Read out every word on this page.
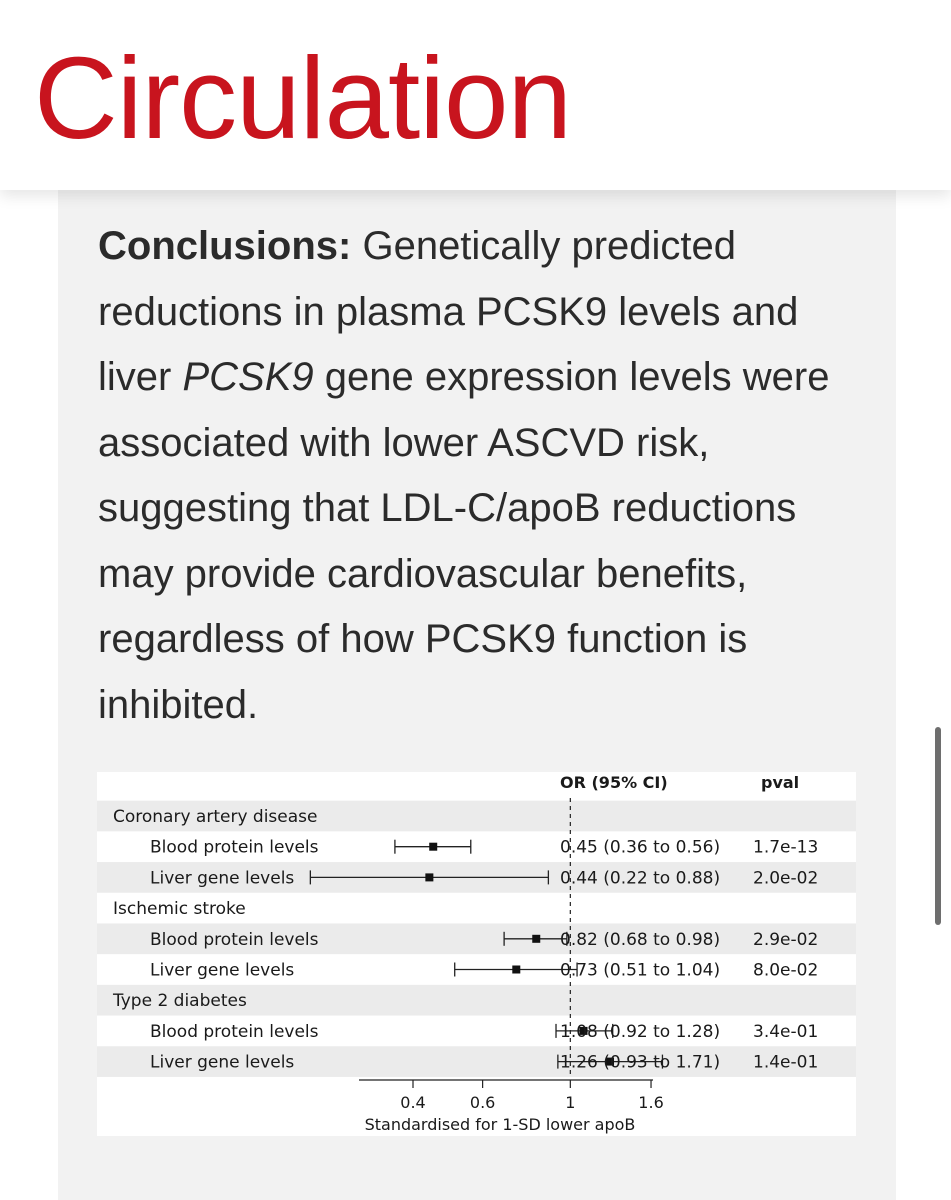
Circulation

Conclusions: Genetically predicted reductions in plasma PCSK9 levels and liver PCSK9 gene expression levels were associated with lower ASCVD risk, suggesting that LDL-C/apoB reductions may provide cardiovascular benefits, regardless of how PCSK9 function is inhibited.

OR (95% CI)	pval
Coronary artery disease
Blood protein levels	0.45 (0.36 to 0.56) 1.7e-13
Liver gene levels	0.44 (0.22 to 0.88) 2.0e-02
Ischemic stroke
Blood protein levels	0.82 (0.68 to 0.98) 2.9e-02
Liver gene levels	0.73 (0.51 to 1.04) 8.0e-02
Type 2 diabetes
Blood protein levels	1.08 (0.92 to 1.28) 3.4e-01
Liver gene levels	1.26 (0.93 to 1.71) 1.4e-01
0.4	0.6	1	1.6
Standardised for 1-SD lower apoB
